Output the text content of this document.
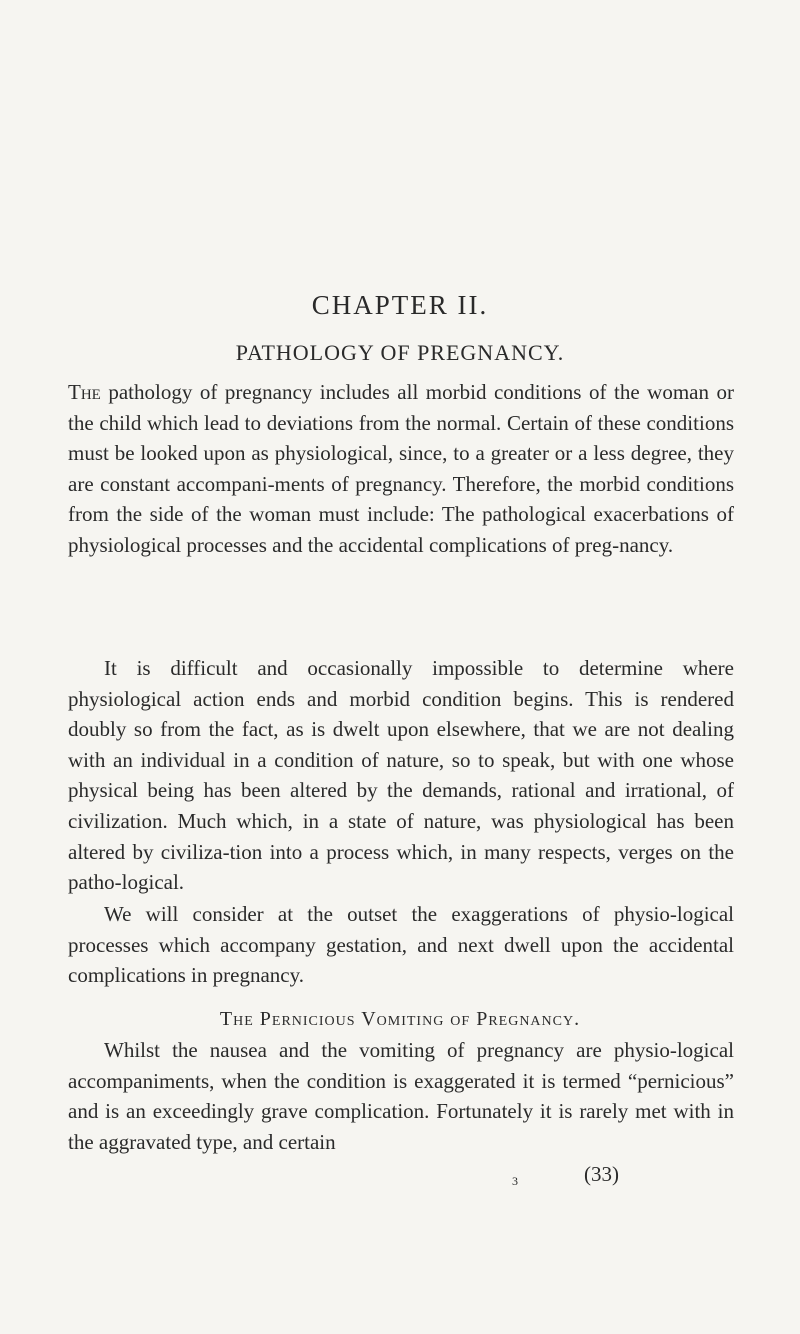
CHAPTER II.
PATHOLOGY OF PREGNANCY.

The pathology of pregnancy includes all morbid conditions of the woman or the child which lead to deviations from the normal. Certain of these conditions must be looked upon as physiological, since, to a greater or a less degree, they are constant accompani-ments of pregnancy. Therefore, the morbid conditions from the side of the woman must include: The pathological exacerbations of physiological processes and the accidental complications of preg-nancy.

It is difficult and occasionally impossible to determine where physiological action ends and morbid condition begins. This is rendered doubly so from the fact, as is dwelt upon elsewhere, that we are not dealing with an individual in a condition of nature, so to speak, but with one whose physical being has been altered by the demands, rational and irrational, of civilization. Much which, in a state of nature, was physiological has been altered by civiliza-tion into a process which, in many respects, verges on the patho-logical.

We will consider at the outset the exaggerations of physio-logical processes which accompany gestation, and next dwell upon the accidental complications in pregnancy.

The Pernicious Vomiting of Pregnancy.

Whilst the nausea and the vomiting of pregnancy are physio-logical accompaniments, when the condition is exaggerated it is termed “pernicious” and is an exceedingly grave complication. Fortunately it is rarely met with in the aggravated type, and certain

3	(33)
